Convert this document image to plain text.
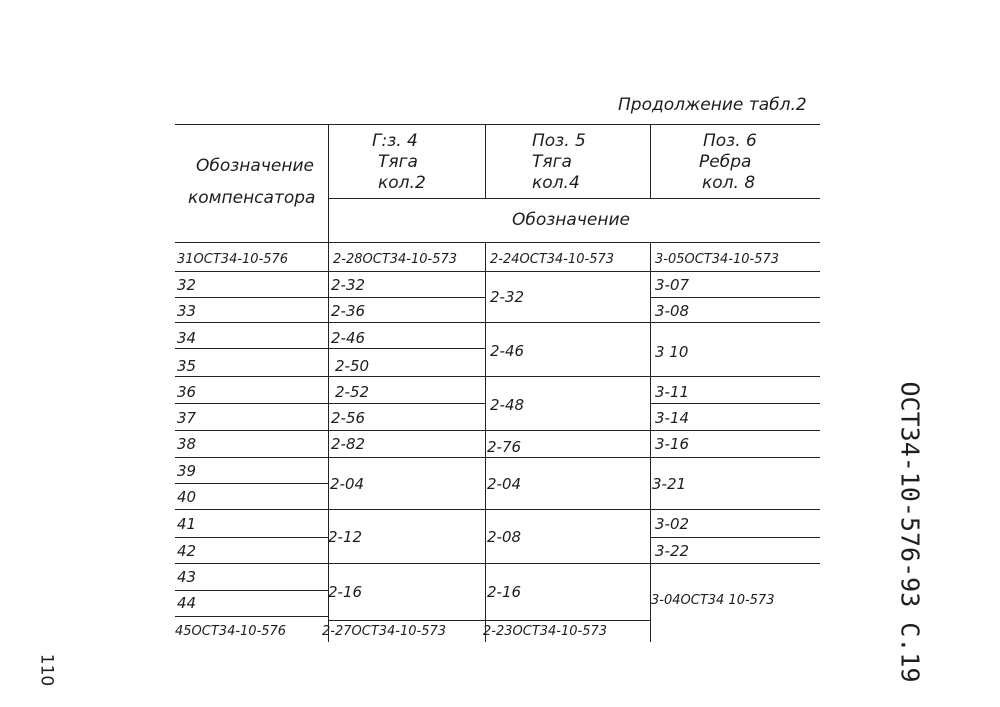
Продолжение табл.2
Обозначение
компенсатора
Г:з. 4
Тяга
кол.2
Поз. 5
Тяга
кол.4
Поз. 6
Ребра
кол. 8
Обозначение
31ОСТ34-10-576
32
33
34
35
36
37
38
39
40
41
42
43
44
45ОСТ34-10-576
2-28ОСТ34-10-573
2-32
2-36
2-46
2-50
2-52
2-56
2-82
2-04
2-12
2-16
2-27ОСТ34-10-573
2-24ОСТ34-10-573
2-32
2-46
2-48
2-76
2-04
2-08
2-16
2-23ОСТ34-10-573
3-05ОСТ34-10-573
3-07
3-08
3 10
3-11
3-14
3-16
3-21
3-02
3-22
3-04ОСТ34 10-573	ОСТ34-10-576-93 С.19
110
